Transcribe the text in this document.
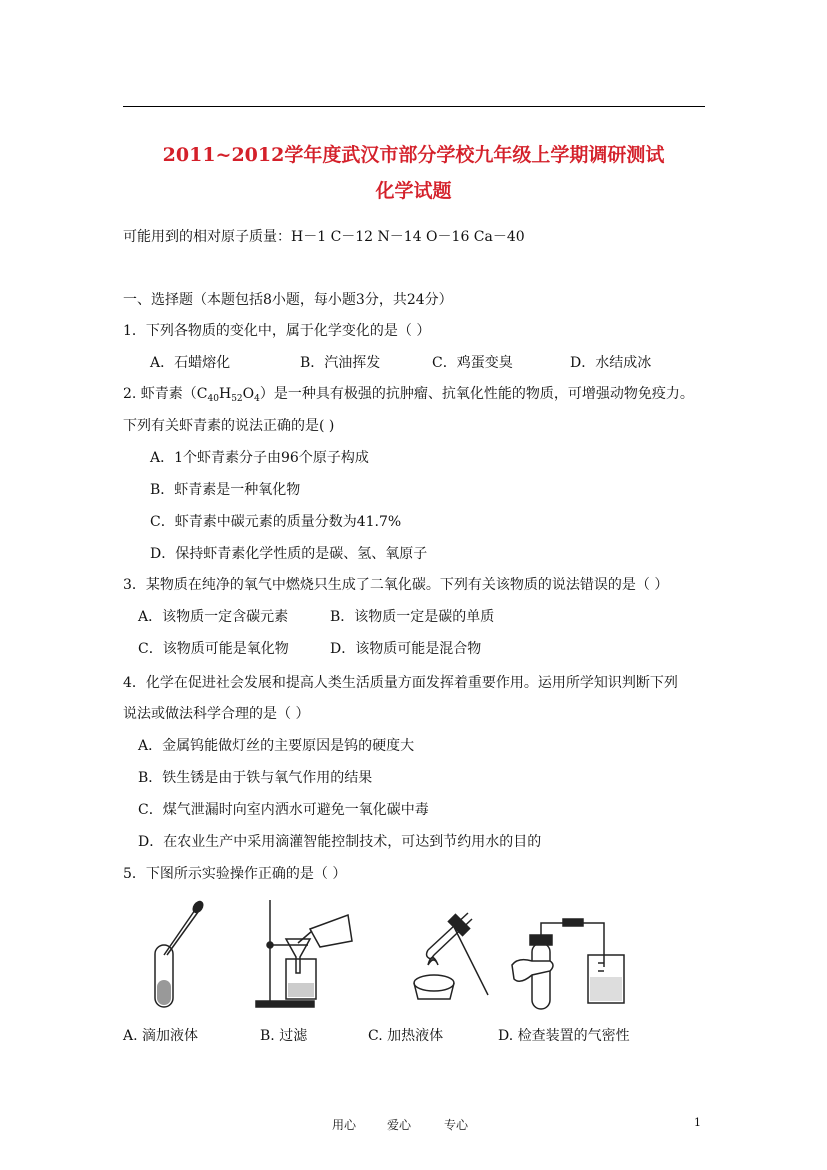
2011~2012学年度武汉市部分学校九年级上学期调研测试
化学试题
可能用到的相对原子质量：H－1 C－12 N－14 O－16 Ca－40
一、选择题（本题包括8小题，每小题3分，共24分）
1．下列各物质的变化中，属于化学变化的是（ ）
A．石蜡熔化	B．汽油挥发	C．鸡蛋变臭	D．水结成冰
2. 虾青素$(C_{40}H_{52}O_4)$是一种具有极强的抗肿瘤、抗氧化性能的物质，可增强动物免疫力。
下列有关虾青素的说法正确的是( )
A．1个虾青素分子由96个原子构成
B．虾青素是一种氧化物
C．虾青素中碳元素的质量分数为41.7%
D．保持虾青素化学性质的是碳、氢、氧原子
3．某物质在纯净的氧气中燃烧只生成了二氧化碳。下列有关该物质的说法错误的是（ ）
A．该物质一定含碳元素	B．该物质一定是碳的单质
C．该物质可能是氧化物	D．该物质可能是混合物
4．化学在促进社会发展和提高人类生活质量方面发挥着重要作用。运用所学知识判断下列
说法或做法科学合理的是（ ）
A．金属钨能做灯丝的主要原因是钨的硬度大
B．铁生锈是由于铁与氧气作用的结果
C．煤气泄漏时向室内洒水可避免一氧化碳中毒
D．在农业生产中采用滴灌智能控制技术，可达到节约用水的目的
5．下图所示实验操作正确的是（ ）
A. 滴加液体	B. 过滤	C. 加热液体	D. 检查装置的气密性
用心	爱心	专心	1
